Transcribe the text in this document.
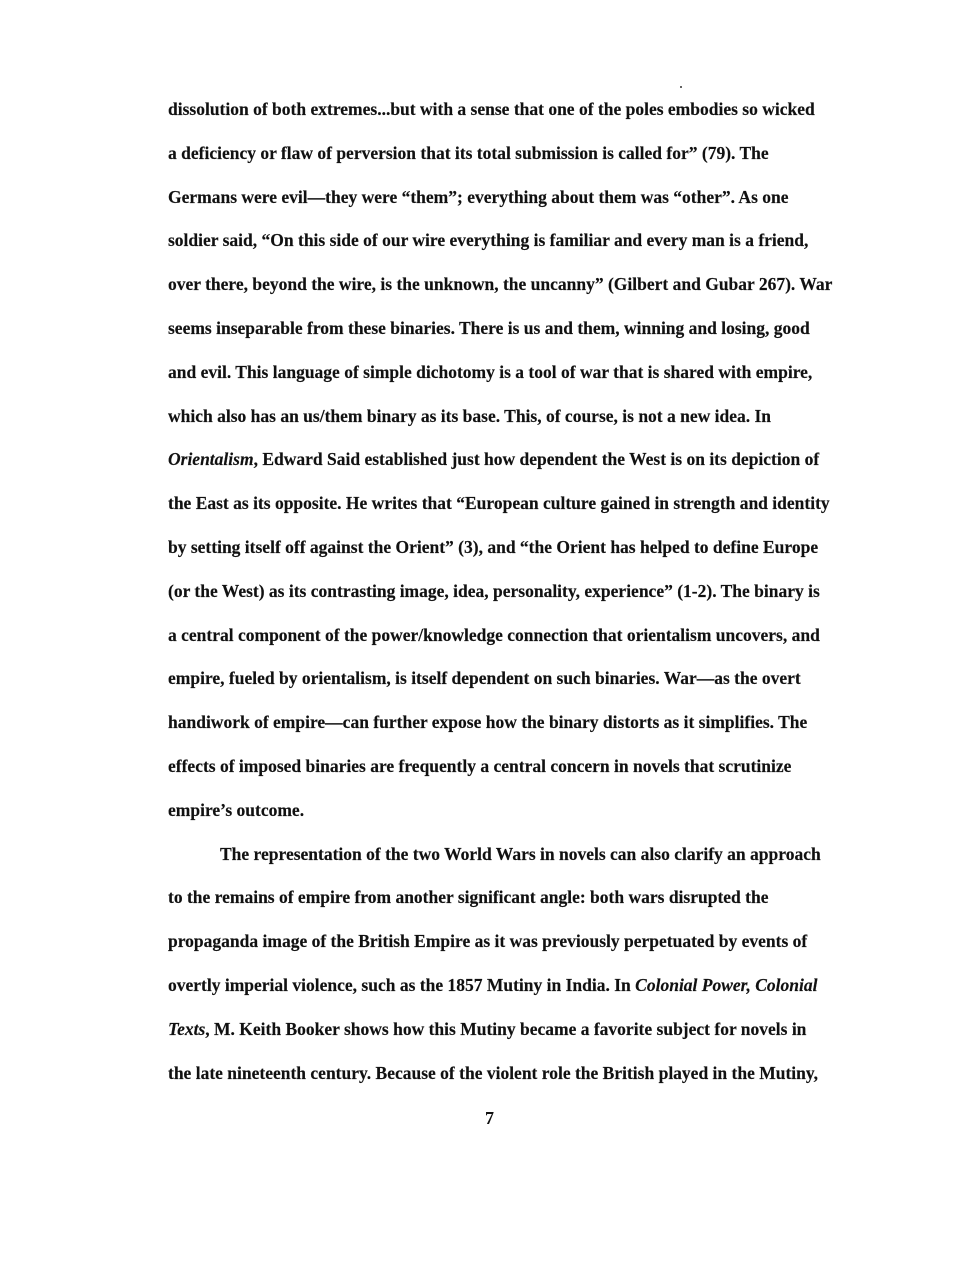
dissolution of both extremes...but with a sense that one of the poles embodies so wicked
a deficiency or flaw of perversion that its total submission is called for” (79). The
Germans were evil—they were “them”; everything about them was “other”. As one
soldier said, “On this side of our wire everything is familiar and every man is a friend,
over there, beyond the wire, is the unknown, the uncanny” (Gilbert and Gubar 267). War
seems inseparable from these binaries. There is us and them, winning and losing, good
and evil. This language of simple dichotomy is a tool of war that is shared with empire,
which also has an us/them binary as its base. This, of course, is not a new idea. In
Orientalism, Edward Said established just how dependent the West is on its depiction of
the East as its opposite. He writes that “European culture gained in strength and identity
by setting itself off against the Orient” (3), and “the Orient has helped to define Europe
(or the West) as its contrasting image, idea, personality, experience” (1-2). The binary is
a central component of the power/knowledge connection that orientalism uncovers, and
empire, fueled by orientalism, is itself dependent on such binaries. War—as the overt
handiwork of empire—can further expose how the binary distorts as it simplifies. The
effects of imposed binaries are frequently a central concern in novels that scrutinize
empire’s outcome.
The representation of the two World Wars in novels can also clarify an approach
to the remains of empire from another significant angle: both wars disrupted the
propaganda image of the British Empire as it was previously perpetuated by events of
overtly imperial violence, such as the 1857 Mutiny in India. In Colonial Power, Colonial
Texts, M. Keith Booker shows how this Mutiny became a favorite subject for novels in
the late nineteenth century. Because of the violent role the British played in the Mutiny,
7
